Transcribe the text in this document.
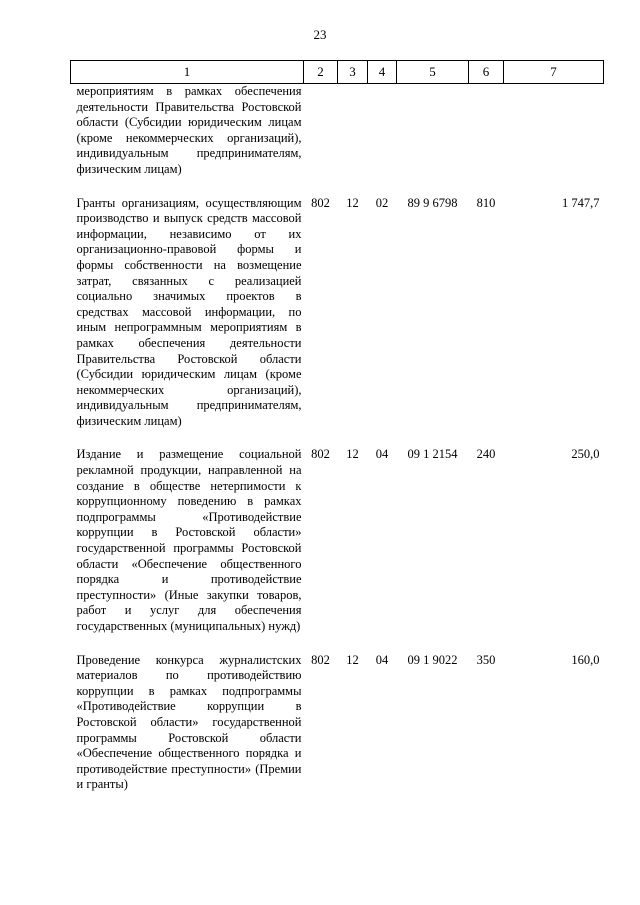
23
1	2	3	4	5	6	7
мероприятиям в рамках обеспечения деятельности Правительства Ростовской области (Субсидии юридическим лицам (кроме некоммерческих организаций), индивидуальным предпринимателям, физическим лицам)						
Гранты организациям, осуществляющим производство и выпуск средств массовой информации, независимо от их организационно-правовой формы и формы собственности на возмещение затрат, связанных с реализацией социально значимых проектов в средствах массовой информации, по иным непрограммным мероприятиям в рамках обеспечения деятельности Правительства Ростовской области (Субсидии юридическим лицам (кроме некоммерческих организаций), индивидуальным предпринимателям, физическим лицам)	802	12	02	89 9 6798	810	1 747,7
Издание и размещение социальной рекламной продукции, направленной на создание в обществе нетерпимости к коррупционному поведению в рамках подпрограммы «Противодействие коррупции в Ростовской области» государственной программы Ростовской области «Обеспечение общественного порядка и противодействие преступности» (Иные закупки товаров, работ и услуг для обеспечения государственных (муниципальных) нужд)	802	12	04	09 1 2154	240	250,0
Проведение конкурса журналистских материалов по противодействию коррупции в рамках подпрограммы «Противодействие коррупции в Ростовской области» государственной программы Ростовской области «Обеспечение общественного порядка и противодействие преступности» (Премии и гранты)	802	12	04	09 1 9022	350	160,0
